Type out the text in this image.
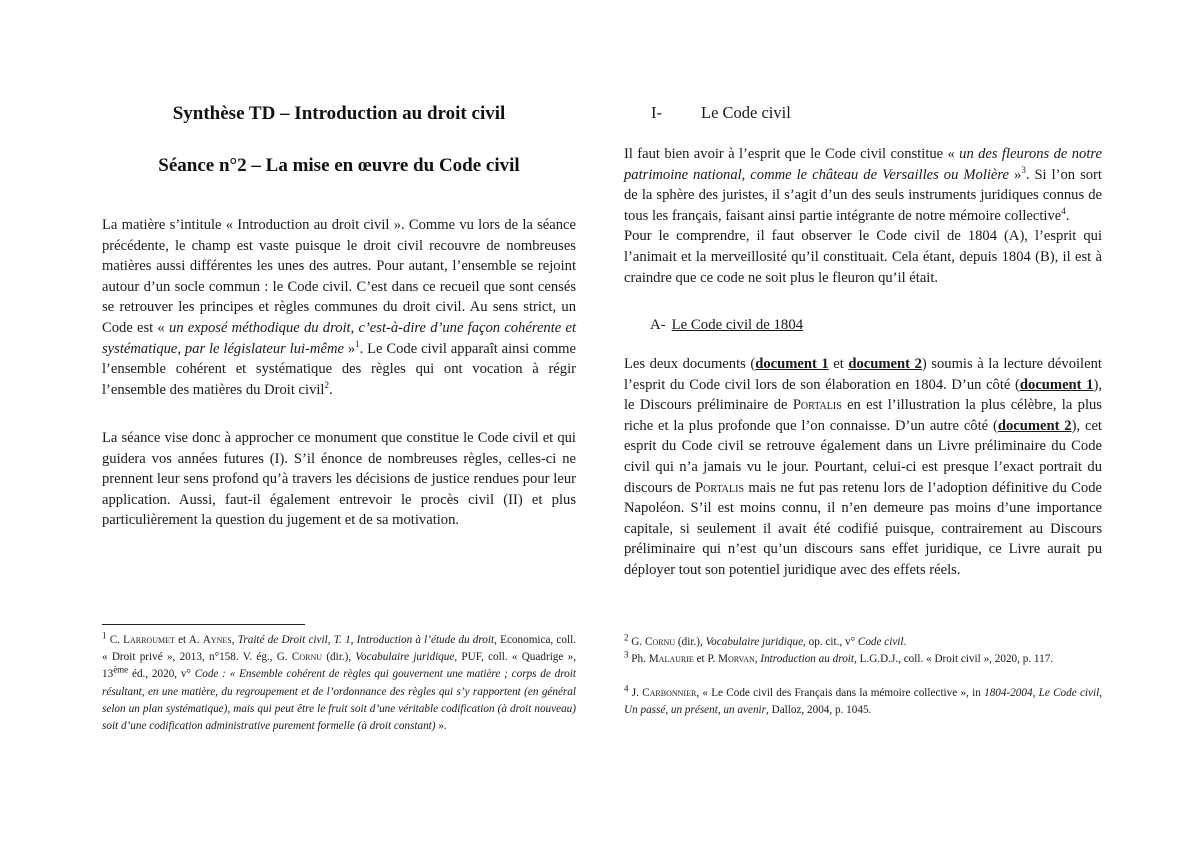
Synthèse TD – Introduction au droit civil
Séance n°2 – La mise en œuvre du Code civil

La matière s’intitule « Introduction au droit civil ». Comme vu lors de la séance précédente, le champ est vaste puisque le droit civil recouvre de nombreuses matières aussi différentes les unes des autres. Pour autant, l’ensemble se rejoint autour d’un socle commun : le Code civil. C’est dans ce recueil que sont censés se retrouver les principes et règles communes du droit civil. Au sens strict, un Code est « un exposé méthodique du droit, c’est-à-dire d’une façon cohérente et systématique, par le législateur lui-même »$^1$. Le Code civil apparaît ainsi comme l’ensemble cohérent et systématique des règles qui ont vocation à régir l’ensemble des matières du Droit civil$^2$.

La séance vise donc à approcher ce monument que constitue le Code civil et qui guidera vos années futures (I). S’il énonce de nombreuses règles, celles-ci ne prennent leur sens profond qu’à travers les décisions de justice rendues pour leur application. Aussi, faut-il également entrevoir le procès civil (II) et plus particulièrement la question du jugement et de sa motivation.

$^1$ C. Larroumet et A. Aynes, Traité de Droit civil, T. 1, Introduction à l’étude du droit, Economica, coll. « Droit privé », 2013, n°158. V. ég., G. Cornu (dir.), Vocabulaire juridique, PUF, coll. « Quadrige », 13ème éd., 2020, v° Code : « Ensemble cohérent de règles qui gouvernent une matière ; corps de droit résultant, en une matière, du regroupement et de l’ordonnance des règles qui s’y rapportent (en général selon un plan systématique), mais qui peut être le fruit soit d’une véritable codification (à droit nouveau) soit d’une codification administrative purement formelle (à droit constant) ».

I- Le Code civil

Il faut bien avoir à l’esprit que le Code civil constitue « un des fleurons de notre patrimoine national, comme le château de Versailles ou Molière »$^3$. Si l’on sort de la sphère des juristes, il s’agit d’un des seuls instruments juridiques connus de tous les français, faisant ainsi partie intégrante de notre mémoire collective$^4$.
Pour le comprendre, il faut observer le Code civil de 1804 (A), l’esprit qui l’animait et la merveillosité qu’il constituait. Cela étant, depuis 1804 (B), il est à craindre que ce code ne soit plus le fleuron qu’il était.

A- Le Code civil de 1804

Les deux documents (document 1 et document 2) soumis à la lecture dévoilent l’esprit du Code civil lors de son élaboration en 1804. D’un côté (document 1), le Discours préliminaire de Portalis en est l’illustration la plus célèbre, la plus riche et la plus profonde que l’on connaisse. D’un autre côté (document 2), cet esprit du Code civil se retrouve également dans un Livre préliminaire du Code civil qui n’a jamais vu le jour. Pourtant, celui-ci est presque l’exact portrait du discours de Portalis mais ne fut pas retenu lors de l’adoption définitive du Code Napoléon. S’il est moins connu, il n’en demeure pas moins d’une importance capitale, si seulement il avait été codifié puisque, contrairement au Discours préliminaire qui n’est qu’un discours sans effet juridique, ce Livre aurait pu déployer tout son potentiel juridique avec des effets réels.

$^2$ G. Cornu (dir.), Vocabulaire juridique, op. cit., v° Code civil.

$^3$ Ph. Malaurie et P. Morvan, Introduction au droit, L.G.D.J., coll. « Droit civil », 2020, p. 117.

$^4$ J. Carbonnier, « Le Code civil des Français dans la mémoire collective », in 1804-2004, Le Code civil, Un passé, un présent, un avenir, Dalloz, 2004, p. 1045.
